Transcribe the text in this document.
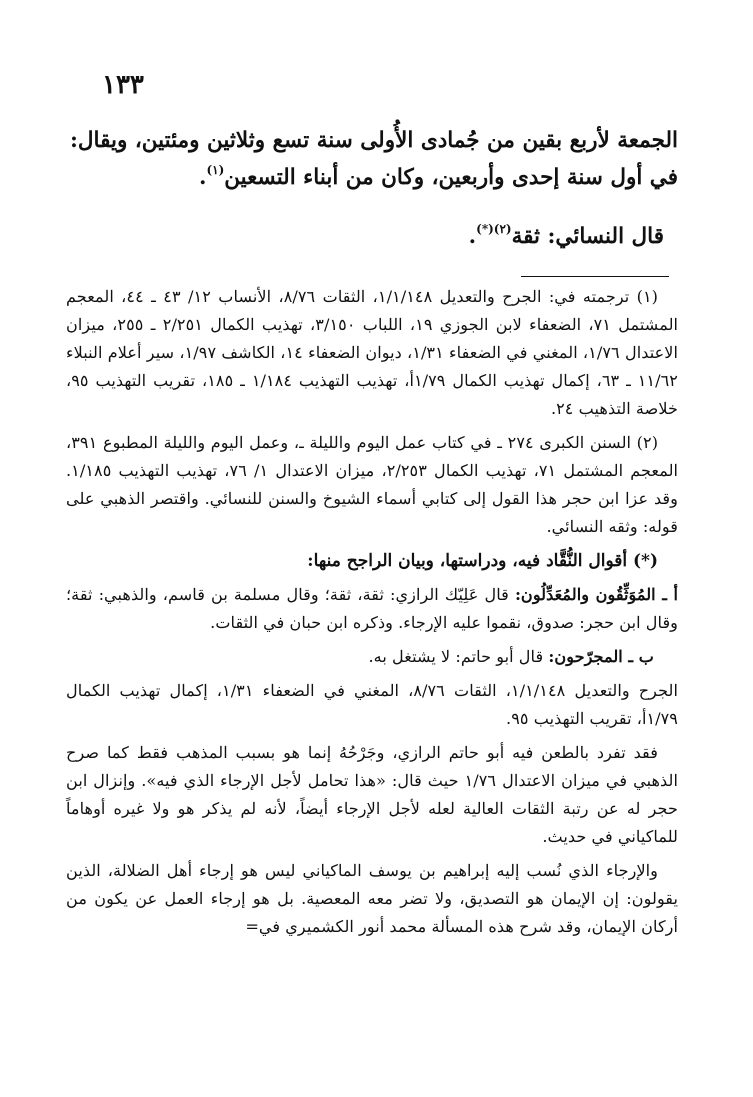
١٣٣

الجمعة لأربع بقين من جُمادى الأُولى سنة تسع وثلاثين ومئتين، ويقال: في أول سنة إحدى وأربعين، وكان من أبناء التسعين$^{(١)}$.

قال النسائي: ثقة$^{(٢)(*)}$.

(١) ترجمته في: الجرح والتعديل ١/١/١٤٨، الثقات ٨/٧٦، الأنساب ١٢/ ٤٣ ـ ٤٤، المعجم المشتمل ٧١، الضعفاء لابن الجوزي ١٩، اللباب ٣/١٥٠، تهذيب الكمال ٢/٢٥١ ـ ٢٥٥، ميزان الاعتدال ١/٧٦، المغني في الضعفاء ١/٣١، ديوان الضعفاء ١٤، الكاشف ١/٩٧، سير أعلام النبلاء ١١/٦٢ ـ ٦٣، إكمال تهذيب الكمال ١/٧٩أ، تهذيب التهذيب ١/١٨٤ ـ ١٨٥، تقريب التهذيب ٩٥، خلاصة التذهيب ٢٤.

(٢) السنن الكبرى ٢٧٤ ـ في كتاب عمل اليوم والليلة ـ، وعمل اليوم والليلة المطبوع ٣٩١، المعجم المشتمل ٧١، تهذيب الكمال ٢/٢٥٣، ميزان الاعتدال ١/ ٧٦، تهذيب التهذيب ١/١٨٥. وقد عزا ابن حجر هذا القول إلى كتابي أسماء الشيوخ والسنن للنسائي. واقتصر الذهبي على قوله: وثقه النسائي.

(*) أقوال النُّقَّاد فيه، ودراستها، وبيان الراجح منها:

أ ـ المُوَثِّقُون والمُعَدِّلُون: قال عَلِيّك الرازي: ثقة، ثقة؛ وقال مسلمة بن قاسم، والذهبي: ثقة؛ وقال ابن حجر: صدوق، نقموا عليه الإرجاء. وذكره ابن حبان في الثقات.

ب ـ المجرّحون: قال أبو حاتم: لا يشتغل به.

الجرح والتعديل ١/١/١٤٨، الثقات ٨/٧٦، المغني في الضعفاء ١/٣١، إكمال تهذيب الكمال ١/٧٩أ، تقريب التهذيب ٩٥.

فقد تفرد بالطعن فيه أبو حاتم الرازي، وجَرْحُهُ إنما هو بسبب المذهب فقط كما صرح الذهبي في ميزان الاعتدال ١/٧٦ حيث قال: «هذا تحامل لأجل الإرجاء الذي فيه». وإنزال ابن حجر له عن رتبة الثقات العالية لعله لأجل الإرجاء أيضاً، لأنه لم يذكر هو ولا غيره أوهاماً للماكياني في حديث.

والإرجاء الذي نُسب إليه إبراهيم بن يوسف الماكياني ليس هو إرجاء أهل الضلالة، الذين يقولون: إن الإيمان هو التصديق، ولا تضر معه المعصية. بل هو إرجاء العمل عن يكون من أركان الإيمان، وقد شرح هذه المسألة محمد أنور الكشميري في=
